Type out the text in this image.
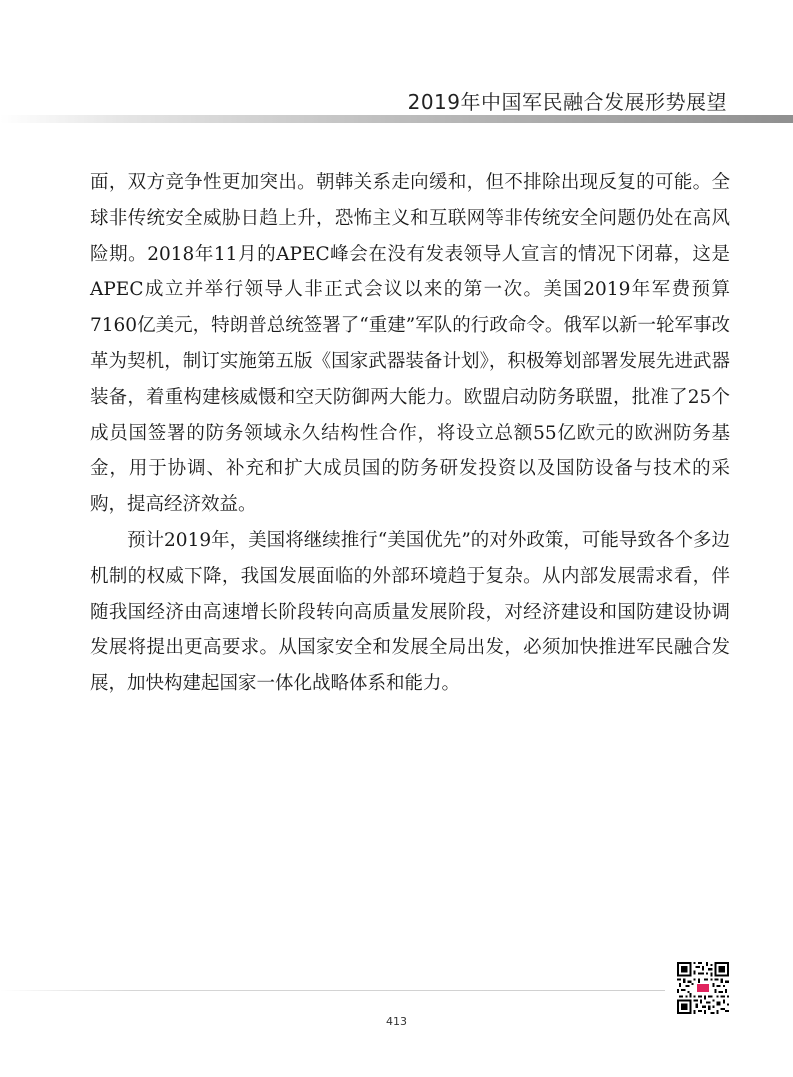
2019年中国军民融合发展形势展望

面，双方竞争性更加突出。朝韩关系走向缓和，但不排除出现反复的可能。全球非传统安全威胁日趋上升，恐怖主义和互联网等非传统安全问题仍处在高风险期。2018年11月的APEC峰会在没有发表领导人宣言的情况下闭幕，这是APEC成立并举行领导人非正式会议以来的第一次。美国2019年军费预算7160亿美元，特朗普总统签署了“重建”军队的行政命令。俄军以新一轮军事改革为契机，制订实施第五版《国家武器装备计划》，积极筹划部署发展先进武器装备，着重构建核威慑和空天防御两大能力。欧盟启动防务联盟，批准了25个成员国签署的防务领域永久结构性合作，将设立总额55亿欧元的欧洲防务基金，用于协调、补充和扩大成员国的防务研发投资以及国防设备与技术的采购，提高经济效益。

预计2019年，美国将继续推行“美国优先”的对外政策，可能导致各个多边机制的权威下降，我国发展面临的外部环境趋于复杂。从内部发展需求看，伴随我国经济由高速增长阶段转向高质量发展阶段，对经济建设和国防建设协调发展将提出更高要求。从国家安全和发展全局出发，必须加快推进军民融合发展，加快构建起国家一体化战略体系和能力。

413
